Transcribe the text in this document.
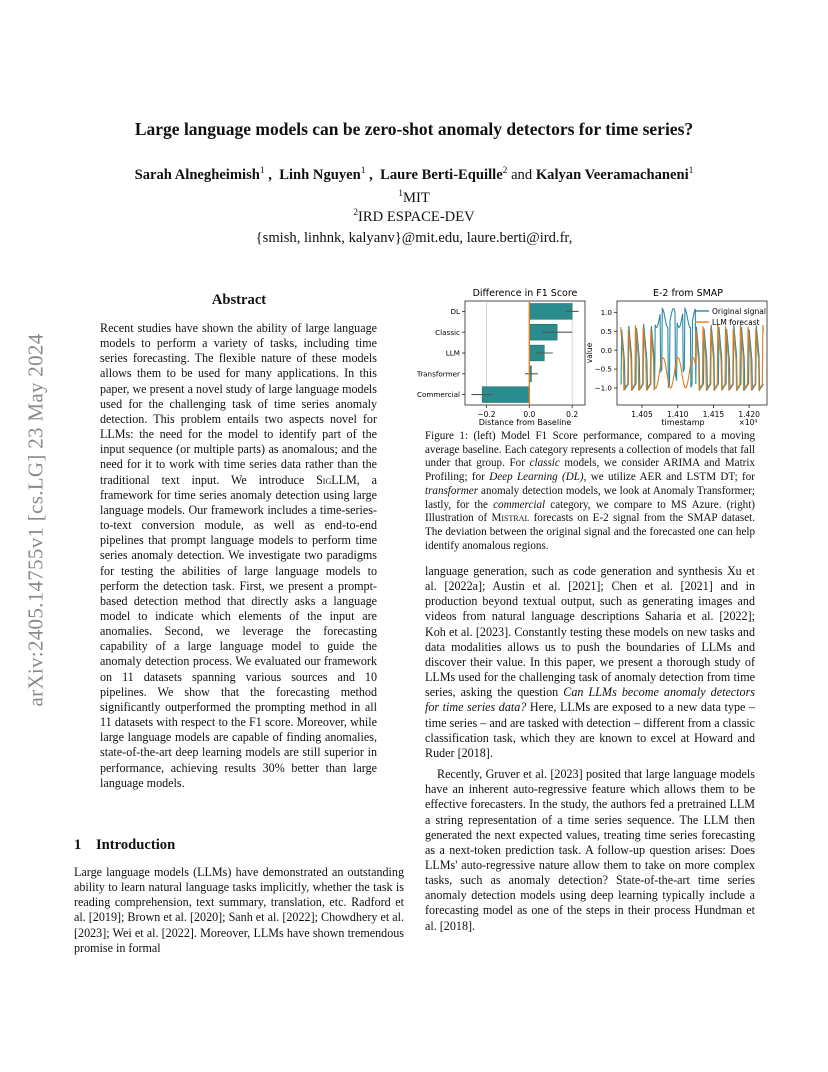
arXiv:2405.14755v1 [cs.LG] 23 May 2024
Large language models can be zero-shot anomaly detectors for time series?
Sarah Alnegheimish$^1$ ,  Linh Nguyen$^1$ ,  Laure Berti-Equille$^2$ and Kalyan Veeramachaneni$^1$
$^1$MIT
$^2$IRD ESPACE-DEV
{smish, linhnk, kalyanv}@mit.edu, laure.berti@ird.fr,
Abstract
Recent studies have shown the ability of large language models to perform a variety of tasks, including time series forecasting. The flexible nature of these models allows them to be used for many applications. In this paper, we present a novel study of large language models used for the challenging task of time series anomaly detection. This problem entails two aspects novel for LLMs: the need for the model to identify part of the input sequence (or multiple parts) as anomalous; and the need for it to work with time series data rather than the traditional text input. We introduce SigLLM, a framework for time series anomaly detection using large language models. Our framework includes a time-series-to-text conversion module, as well as end-to-end pipelines that prompt language models to perform time series anomaly detection. We investigate two paradigms for testing the abilities of large language models to perform the detection task. First, we present a prompt-based detection method that directly asks a language model to indicate which elements of the input are anomalies. Second, we leverage the forecasting capability of a large language model to guide the anomaly detection process. We evaluated our framework on 11 datasets spanning various sources and 10 pipelines. We show that the forecasting method significantly outperformed the prompting method in all 11 datasets with respect to the F1 score. Moreover, while large language models are capable of finding anomalies, state-of-the-art deep learning models are still superior in performance, achieving results 30% better than large language models.
1 Introduction
Large language models (LLMs) have demonstrated an outstanding ability to learn natural language tasks implicitly, whether the task is reading comprehension, text summary, translation, etc. Radford et al. [2019]; Brown et al. [2020]; Sanh et al. [2022]; Chowdhery et al. [2023]; Wei et al. [2022]. Moreover, LLMs have shown tremendous promise in formal
Difference in F1 Score
−0.2	0.0	0.2
DL
Classic
LLM
Transformer
Commercial
Distance from Baseline
E-2 from SMAP
1.0
0.5
0.0
−0.5
−1.0
1.405 1.410 1.415 1.420
value
timestamp	×10⁹
Original signal
LLM forecast
Figure 1: (left) Model F1 Score performance, compared to a moving average baseline. Each category represents a collection of models that fall under that group. For classic models, we consider ARIMA and Matrix Profiling; for Deep Learning (DL), we utilize AER and LSTM DT; for transformer anomaly detection models, we look at Anomaly Transformer; lastly, for the commercial category, we compare to MS Azure. (right) Illustration of Mistral forecasts on E-2 signal from the SMAP dataset. The deviation between the original signal and the forecasted one can help identify anomalous regions.

language generation, such as code generation and synthesis Xu et al. [2022a]; Austin et al. [2021]; Chen et al. [2021] and in production beyond textual output, such as generating images and videos from natural language descriptions Saharia et al. [2022]; Koh et al. [2023]. Constantly testing these models on new tasks and data modalities allows us to push the boundaries of LLMs and discover their value. In this paper, we present a thorough study of LLMs used for the challenging task of anomaly detection from time series, asking the question Can LLMs become anomaly detectors for time series data? Here, LLMs are exposed to a new data type – time series – and are tasked with detection – different from a classic classification task, which they are known to excel at Howard and Ruder [2018].

Recently, Gruver et al. [2023] posited that large language models have an inherent auto-regressive feature which allows them to be effective forecasters. In the study, the authors fed a pretrained LLM a string representation of a time series sequence. The LLM then generated the next expected values, treating time series forecasting as a next-token prediction task. A follow-up question arises: Does LLMs' auto-regressive nature allow them to take on more complex tasks, such as anomaly detection? State-of-the-art time series anomaly detection models using deep learning typically include a forecasting model as one of the steps in their process Hundman et al. [2018].
